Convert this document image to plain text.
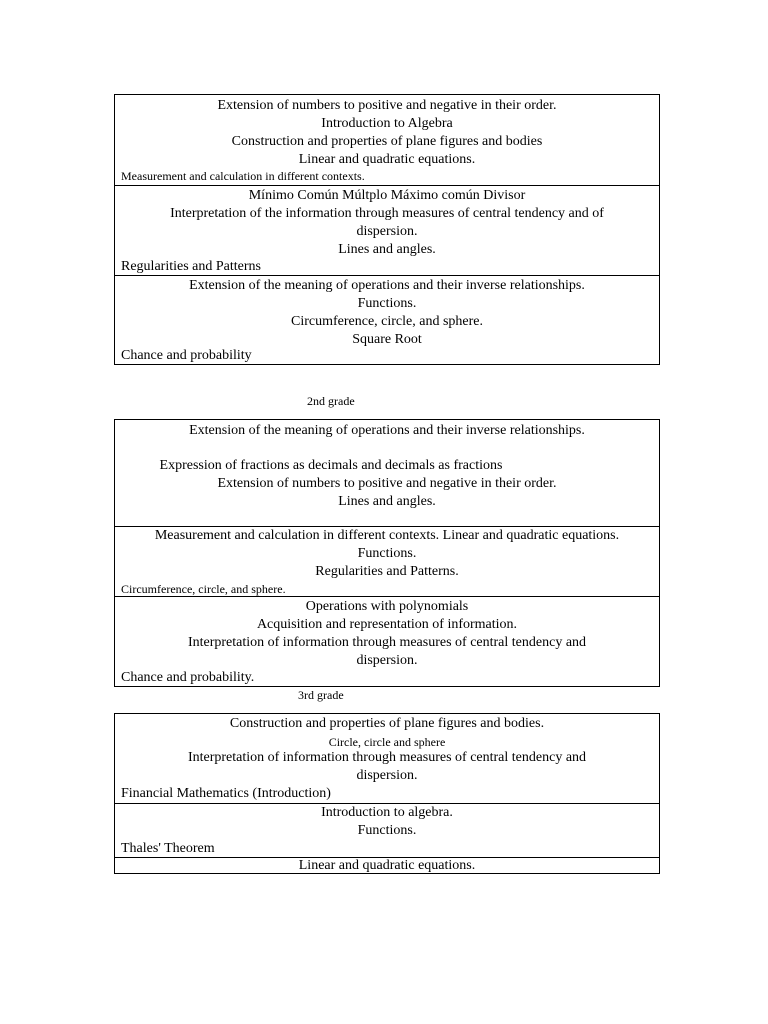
Extension of numbers to positive and negative in their order.
Introduction to Algebra
Construction and properties of plane figures and bodies
Linear and quadratic equations.
Measurement and calculation in different contexts.
Mínimo Común Múltplo Máximo común Divisor
Interpretation of the information through measures of central tendency and of
dispersion.
Lines and angles.
Regularities and Patterns
Extension of the meaning of operations and their inverse relationships.
Functions.
Circumference, circle, and sphere.
Square Root
Chance and probability
2nd grade
Extension of the meaning of operations and their inverse relationships.
Expression of fractions as decimals and decimals as fractions
Extension of numbers to positive and negative in their order.
Lines and angles.
Measurement and calculation in different contexts. Linear and quadratic equations.
Functions.
Regularities and Patterns.
Circumference, circle, and sphere.
Operations with polynomials
Acquisition and representation of information.
Interpretation of information through measures of central tendency and
dispersion.
Chance and probability.
3rd grade
Construction and properties of plane figures and bodies.
Circle, circle and sphere
Interpretation of information through measures of central tendency and
dispersion.
Financial Mathematics (Introduction)
Introduction to algebra.
Functions.
Thales' Theorem
Linear and quadratic equations.
